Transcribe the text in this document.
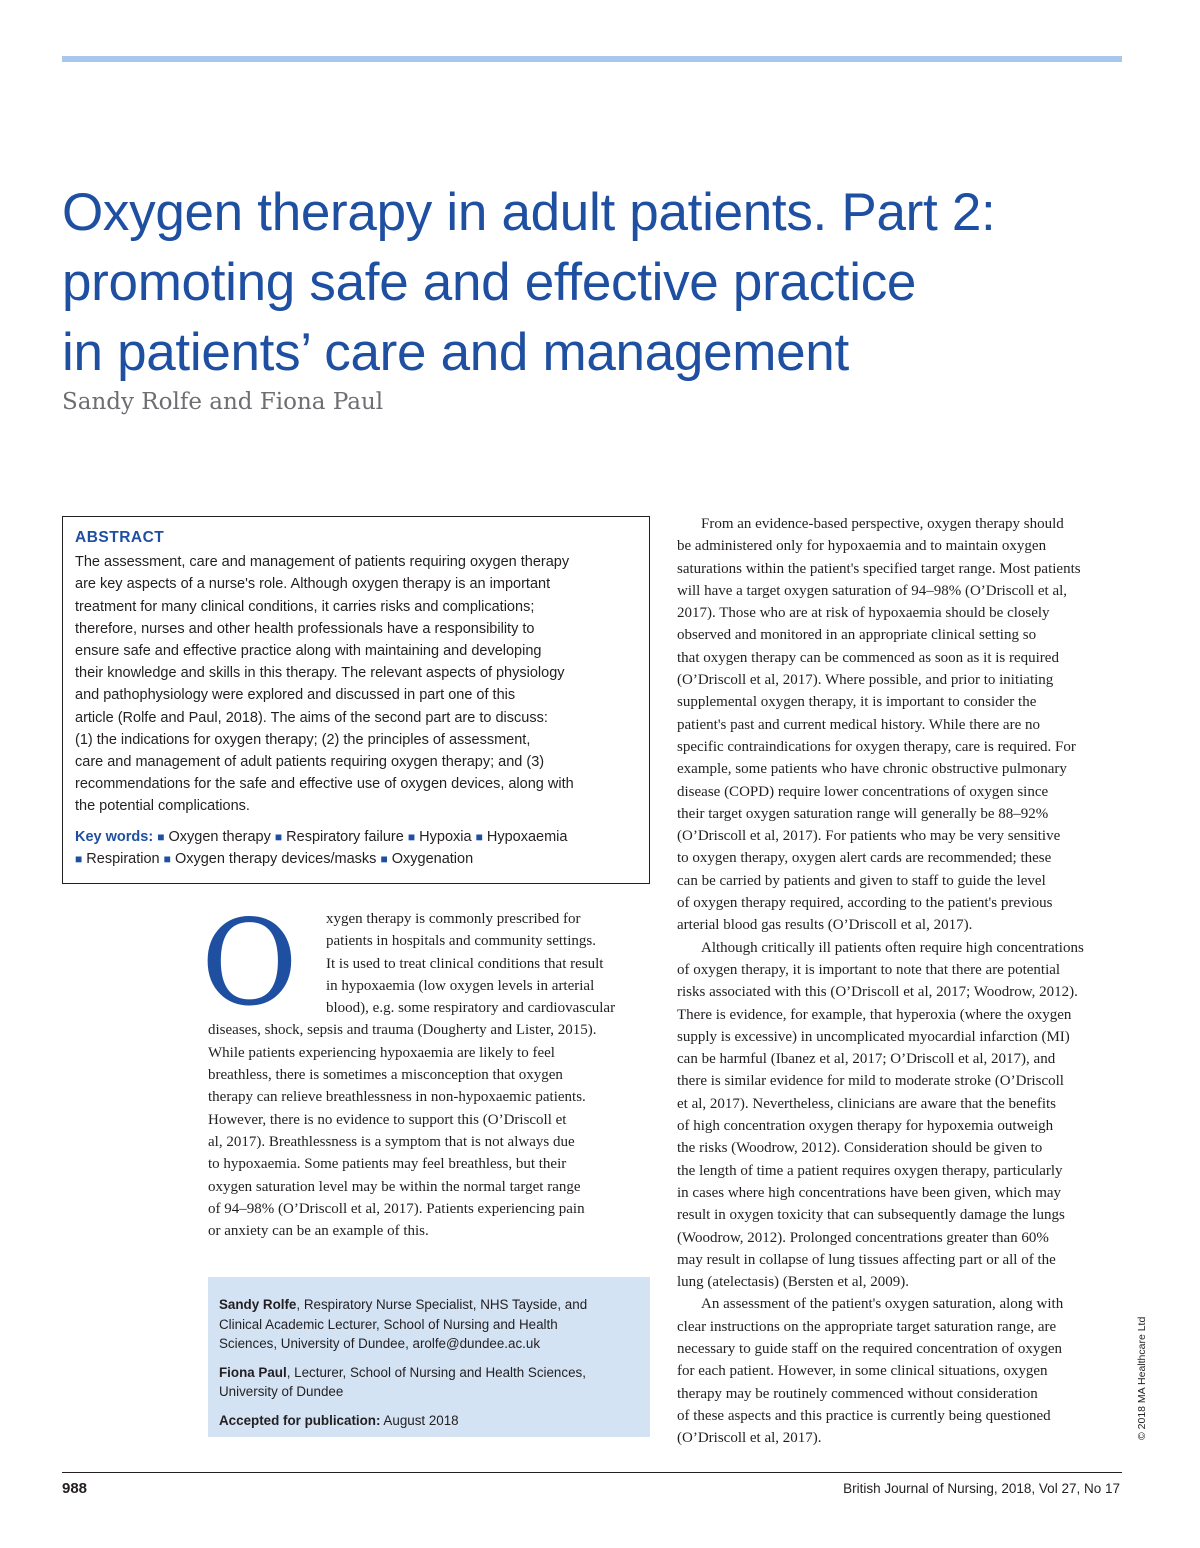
Oxygen therapy in adult patients. Part 2:
promoting safe and effective practice
in patients’ care and management
Sandy Rolfe and Fiona Paul
ABSTRACT
The assessment, care and management of patients requiring oxygen therapy
are key aspects of a nurse's role. Although oxygen therapy is an important
treatment for many clinical conditions, it carries risks and complications;
therefore, nurses and other health professionals have a responsibility to
ensure safe and effective practice along with maintaining and developing
their knowledge and skills in this therapy. The relevant aspects of physiology
and pathophysiology were explored and discussed in part one of this
article (Rolfe and Paul, 2018). The aims of the second part are to discuss:
(1) the indications for oxygen therapy; (2) the principles of assessment,
care and management of adult patients requiring oxygen therapy; and (3)
recommendations for the safe and effective use of oxygen devices, along with
the potential complications.
Key words: ■ Oxygen therapy ■ Respiratory failure ■ Hypoxia ■ Hypoxaemia
■ Respiration ■ Oxygen therapy devices/masks ■ Oxygenation
O	xygen therapy is commonly prescribed for
patients in hospitals and community settings.
It is used to treat clinical conditions that result
in hypoxaemia (low oxygen levels in arterial
blood), e.g. some respiratory and cardiovascular
diseases, shock, sepsis and trauma (Dougherty and Lister, 2015).
While patients experiencing hypoxaemia are likely to feel
breathless, there is sometimes a misconception that oxygen
therapy can relieve breathlessness in non-hypoxaemic patients.
However, there is no evidence to support this (O’Driscoll et
al, 2017). Breathlessness is a symptom that is not always due
to hypoxaemia. Some patients may feel breathless, but their
oxygen saturation level may be within the normal target range
of 94–98% (O’Driscoll et al, 2017). Patients experiencing pain
or anxiety can be an example of this.

Sandy Rolfe, Respiratory Nurse Specialist, NHS Tayside, and
Clinical Academic Lecturer, School of Nursing and Health
Sciences, University of Dundee, arolfe@dundee.ac.uk

Fiona Paul, Lecturer, School of Nursing and Health Sciences,
University of Dundee

Accepted for publication: August 2018

From an evidence-based perspective, oxygen therapy should
be administered only for hypoxaemia and to maintain oxygen
saturations within the patient's specified target range. Most patients
will have a target oxygen saturation of 94–98% (O’Driscoll et al,
2017). Those who are at risk of hypoxaemia should be closely
observed and monitored in an appropriate clinical setting so
that oxygen therapy can be commenced as soon as it is required
(O’Driscoll et al, 2017). Where possible, and prior to initiating
supplemental oxygen therapy, it is important to consider the
patient's past and current medical history. While there are no
specific contraindications for oxygen therapy, care is required. For
example, some patients who have chronic obstructive pulmonary
disease (COPD) require lower concentrations of oxygen since
their target oxygen saturation range will generally be 88–92%
(O’Driscoll et al, 2017). For patients who may be very sensitive
to oxygen therapy, oxygen alert cards are recommended; these
can be carried by patients and given to staff to guide the level
of oxygen therapy required, according to the patient's previous
arterial blood gas results (O’Driscoll et al, 2017).
Although critically ill patients often require high concentrations
of oxygen therapy, it is important to note that there are potential
risks associated with this (O’Driscoll et al, 2017; Woodrow, 2012).
There is evidence, for example, that hyperoxia (where the oxygen
supply is excessive) in uncomplicated myocardial infarction (MI)
can be harmful (Ibanez et al, 2017; O’Driscoll et al, 2017), and
there is similar evidence for mild to moderate stroke (O’Driscoll
et al, 2017). Nevertheless, clinicians are aware that the benefits
of high concentration oxygen therapy for hypoxemia outweigh
the risks (Woodrow, 2012). Consideration should be given to
the length of time a patient requires oxygen therapy, particularly
in cases where high concentrations have been given, which may
result in oxygen toxicity that can subsequently damage the lungs
(Woodrow, 2012). Prolonged concentrations greater than 60%
may result in collapse of lung tissues affecting part or all of the
lung (atelectasis) (Bersten et al, 2009).
An assessment of the patient's oxygen saturation, along with
clear instructions on the appropriate target saturation range, are
necessary to guide staff on the required concentration of oxygen
for each patient. However, in some clinical situations, oxygen
therapy may be routinely commenced without consideration
of these aspects and this practice is currently being questioned
(O’Driscoll et al, 2017).	© 2018 MA Healthcare Ltd
988	British Journal of Nursing, 2018, Vol 27, No 17
